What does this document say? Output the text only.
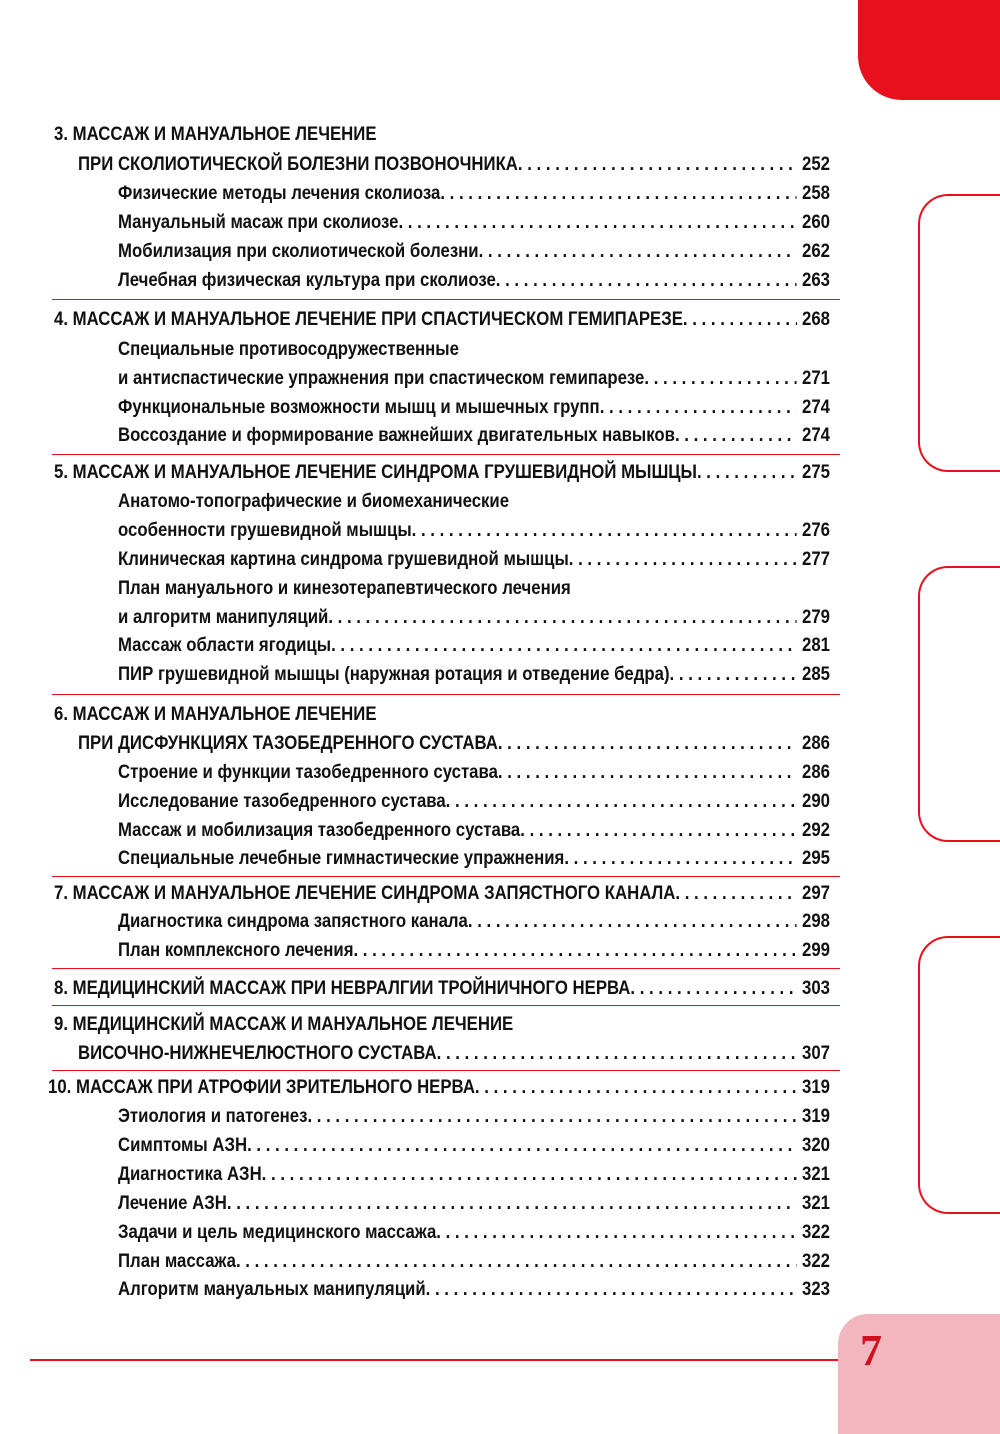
3. МАССАЖ И МАНУАЛЬНОЕ ЛЕЧЕНИЕ
ПРИ СКОЛИОТИЧЕСКОЙ БОЛЕЗНИ ПОЗВОНОЧНИКА . . .	252
Физические методы лечения сколиоза . . .	258
Мануальный масаж при сколиозе . . .	260
Мобилизация при сколиотической болезни . . .	262
Лечебная физическая культура при сколиозе . . .	263
4. МАССАЖ И МАНУАЛЬНОЕ ЛЕЧЕНИЕ ПРИ СПАСТИЧЕСКОМ ГЕМИПАРЕЗЕ . . .	268
Специальные противосодружественные
и антиспастические упражнения при спастическом гемипарезе . . .	271
Функциональные возможности мышц и мышечных групп . . .	274
Воссоздание и формирование важнейших двигательных навыков . . .	274
5. МАССАЖ И МАНУАЛЬНОЕ ЛЕЧЕНИЕ СИНДРОМА ГРУШЕВИДНОЙ МЫШЦЫ . . .	275
Анатомо-топографические и биомеханические
особенности грушевидной мышцы . . .	276
Клиническая картина синдрома грушевидной мышцы . . .	277
План мануального и кинезотерапевтического лечения
и алгоритм манипуляций . . .	279
Массаж области ягодицы . . .	281
ПИР грушевидной мышцы (наружная ротация и отведение бедра) . . .	285
6. МАССАЖ И МАНУАЛЬНОЕ ЛЕЧЕНИЕ
ПРИ ДИСФУНКЦИЯХ ТАЗОБЕДРЕННОГО СУСТАВА . . .	286
Строение и функции тазобедренного сустава . . .	286
Исследование тазобедренного сустава . . .	290
Массаж и мобилизация тазобедренного сустава . . .	292
Специальные лечебные гимнастические упражнения . . .	295
7. МАССАЖ И МАНУАЛЬНОЕ ЛЕЧЕНИЕ СИНДРОМА ЗАПЯСТНОГО КАНАЛА . . .	297
Диагностика синдрома запястного канала . . .	298
План комплексного лечения . . .	299
8. МЕДИЦИНСКИЙ МАССАЖ ПРИ НЕВРАЛГИИ ТРОЙНИЧНОГО НЕРВА . . .	303
9. МЕДИЦИНСКИЙ МАССАЖ И МАНУАЛЬНОЕ ЛЕЧЕНИЕ
ВИСОЧНО-НИЖНЕЧЕЛЮСТНОГО СУСТАВА . . .	307
10. МАССАЖ ПРИ АТРОФИИ ЗРИТЕЛЬНОГО НЕРВА . . .	319
Этиология и патогенез . . .	319
Симптомы АЗН . . .	320
Диагностика АЗН . . .	321
Лечение АЗН . . .	321
Задачи и цель медицинского массажа . . .	322
План массажа . . .	322
Алгоритм мануальных манипуляций . . .	323
7
